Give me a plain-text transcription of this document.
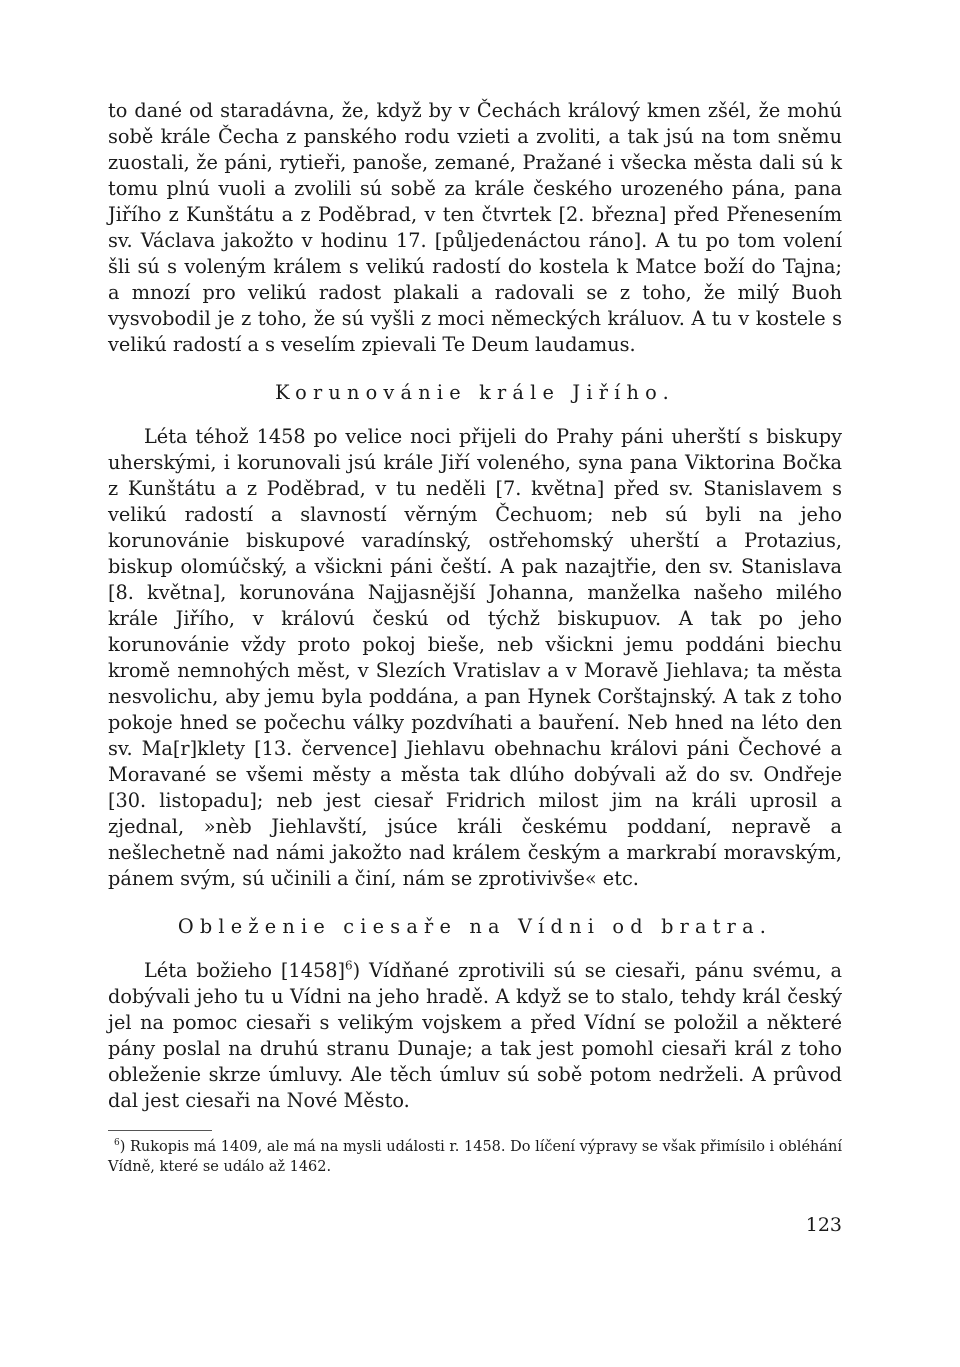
to dané od staradávna, že, když by v Čechách králový kmen zšél, že mohú sobě krále Čecha z panského rodu vzieti a zvoliti, a tak jsú na tom sněmu zuostali, že páni, rytieři, panoše, zemané, Pražané i všecka města dali sú k tomu plnú vuoli a zvolili sú sobě za krále českého urozeného pána, pana Jiřího z Kunštátu a z Poděbrad, v ten čtvrtek [2. března] před Přenesením sv. Václava jakožto v hodinu 17. [půljedenáctou ráno]. A tu po tom volení šli sú s voleným králem s velikú radostí do kostela k Matce boží do Tajna; a mnozí pro velikú radost plakali a radovali se z toho, že milý Buoh vysvobodil je z toho, že sú vyšli z moci německých králuov. A tu v kostele s velikú radostí a s veselím zpievali Te Deum laudamus.

Korunovánie krále Jiřího.

Léta téhož 1458 po velice noci přijeli do Prahy páni uherští s biskupy uherskými, i korunovali jsú krále Jiří voleného, syna pana Viktorina Bočka z Kunštátu a z Poděbrad, v tu neděli [7. května] před sv. Stanislavem s velikú radostí a slavností věrným Čechuom; neb sú byli na jeho korunovánie biskupové varadínský, ostřehomský uherští a Protazius, biskup olomúčský, a všickni páni čeští. A pak nazajtřie, den sv. Stanislava [8. května], korunována Najjasnější Johanna, manželka našeho milého krále Jiřího, v královú českú od týchž biskupuov. A tak po jeho korunovánie vždy proto pokoj bieše, neb všickni jemu poddáni biechu kromě nemnohých měst, v Slezích Vratislav a v Moravě Jiehlava; ta města nesvolichu, aby jemu byla poddána, a pan Hynek Corštajnský. A tak z toho pokoje hned se počechu války pozdvíhati a bauření. Neb hned na léto den sv. Ma[r]klety [13. července] Jiehlavu obehnachu královi páni Čechové a Moravané se všemi městy a města tak dlúho dobývali až do sv. Ondřeje [30. listopadu]; neb jest ciesař Fridrich milost jim na králi uprosil a zjednal, »nèb Jiehlavští, jsúce králi českému poddaní, nepravě a nešlechetně nad námi jakožto nad králem českým a markrabí moravským, pánem svým, sú učinili a činí, nám se zprotivivše« etc.

Obleženie ciesaře na Vídni od bratra.

Léta božieho $[1458]^6$) Vídňané zprotivili sú se ciesaři, pánu svému, a dobývali jeho tu u Vídni na jeho hradě. A když se to stalo, tehdy král český jel na pomoc ciesaři s velikým vojskem a před Vídní se položil a některé pány poslal na druhú stranu Dunaje; a tak jest pomohl ciesaři král z toho obleženie skrze úmluvy. Ale těch úmluv sú sobě potom nedrželi. A prûvod dal jest ciesaři na Nové Město.

$^6$) Rukopis má 1409, ale má na mysli události r. 1458. Do líčení výpravy se však přimísilo i obléhání Vídně, které se událo až 1462.

123
